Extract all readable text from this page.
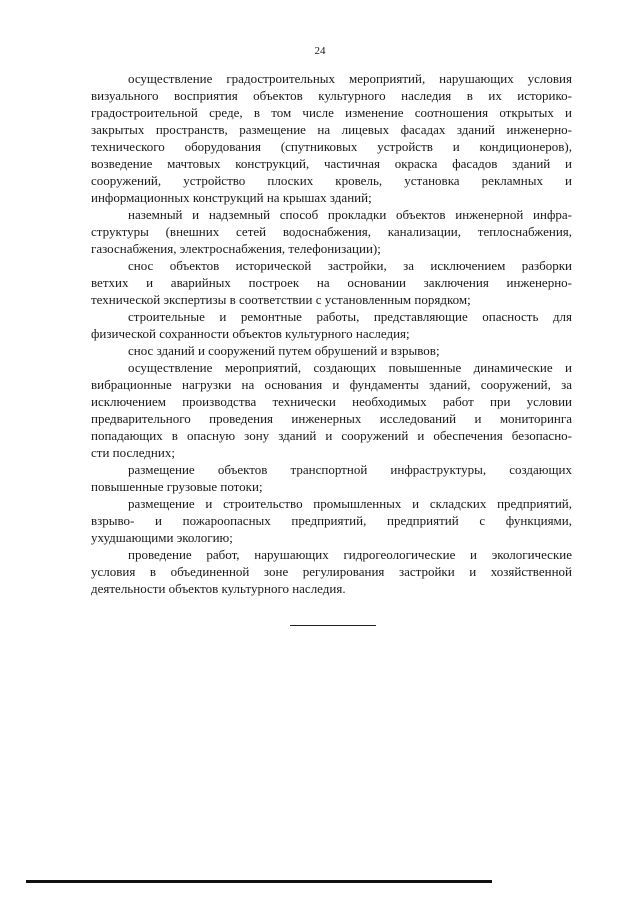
24
осуществление градостроительных мероприятий, нарушающих условия
визуального восприятия объектов культурного наследия в их историко-
градостроительной среде, в том числе изменение соотношения открытых и
закрытых пространств, размещение на лицевых фасадах зданий инженерно-
технического оборудования (спутниковых устройств и кондиционеров),
возведение мачтовых конструкций, частичная окраска фасадов зданий и
сооружений, устройство плоских кровель, установка рекламных и
информационных конструкций на крышах зданий;
наземный и надземный способ прокладки объектов инженерной инфра-
структуры (внешних сетей водоснабжения, канализации, теплоснабжения,
газоснабжения, электроснабжения, телефонизации);
снос объектов исторической застройки, за исключением разборки
ветхих и аварийных построек на основании заключения инженерно-
технической экспертизы в соответствии с установленным порядком;
строительные и ремонтные работы, представляющие опасность для
физической сохранности объектов культурного наследия;
снос зданий и сооружений путем обрушений и взрывов;
осуществление мероприятий, создающих повышенные динамические и
вибрационные нагрузки на основания и фундаменты зданий, сооружений, за
исключением производства технически необходимых работ при условии
предварительного проведения инженерных исследований и мониторинга
попадающих в опасную зону зданий и сооружений и обеспечения безопасно-
сти последних;
размещение объектов транспортной инфраструктуры, создающих
повышенные грузовые потоки;
размещение и строительство промышленных и складских предприятий,
взрыво- и пожароопасных предприятий, предприятий с функциями,
ухудшающими экологию;
проведение работ, нарушающих гидрогеологические и экологические
условия в объединенной зоне регулирования застройки и хозяйственной
деятельности объектов культурного наследия.
